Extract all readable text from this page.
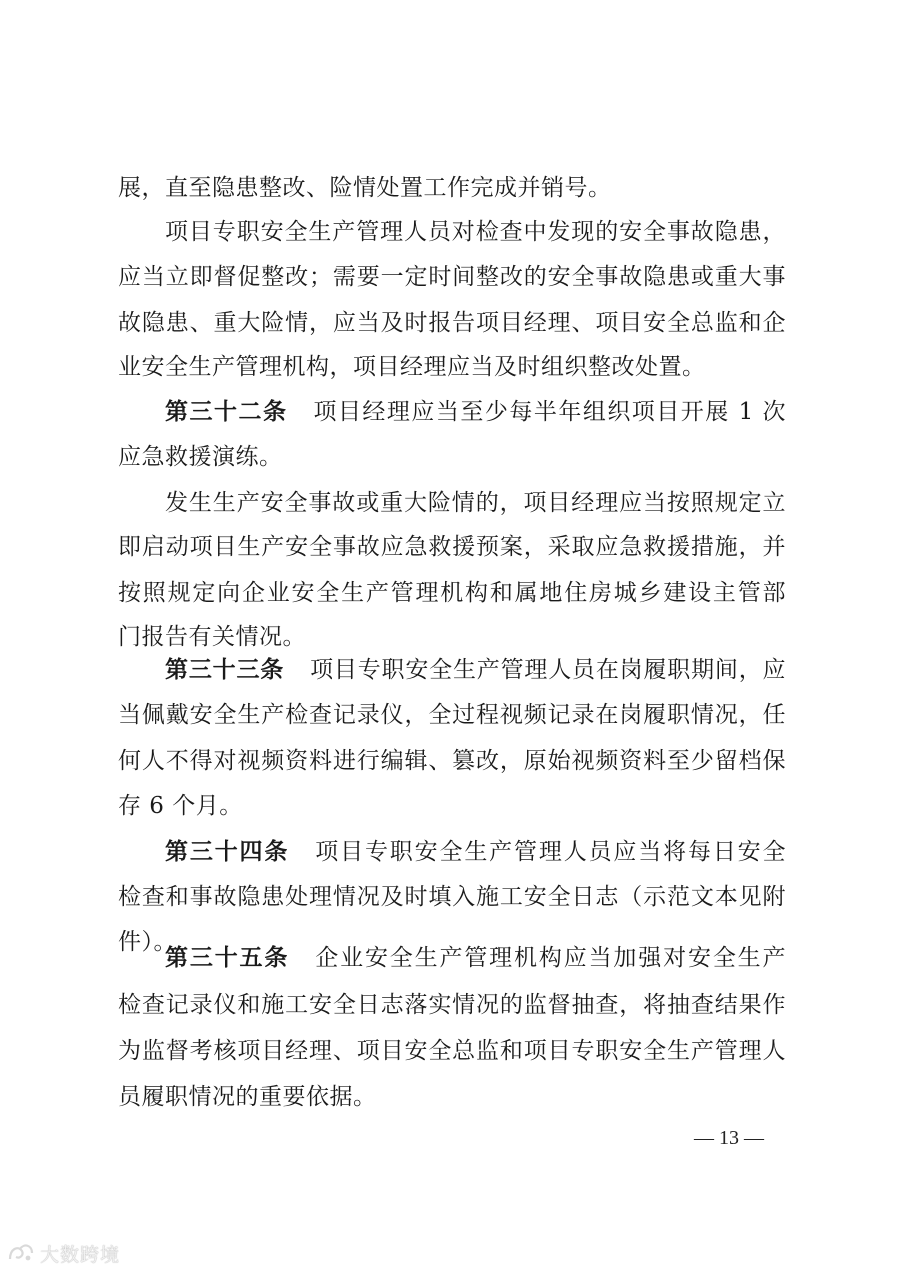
展，直至隐患整改、险情处置工作完成并销号。
项目专职安全生产管理人员对检查中发现的安全事故隐患，
应当立即督促整改；需要一定时间整改的安全事故隐患或重大事
故隐患、重大险情，应当及时报告项目经理、项目安全总监和企
业安全生产管理机构，项目经理应当及时组织整改处置。
第三十二条 项目经理应当至少每半年组织项目开展 1 次
应急救援演练。
发生生产安全事故或重大险情的，项目经理应当按照规定立
即启动项目生产安全事故应急救援预案，采取应急救援措施，并
按照规定向企业安全生产管理机构和属地住房城乡建设主管部
门报告有关情况。
第三十三条 项目专职安全生产管理人员在岗履职期间，应
当佩戴安全生产检查记录仪，全过程视频记录在岗履职情况，任
何人不得对视频资料进行编辑、篡改，原始视频资料至少留档保
存 6 个月。
第三十四条 项目专职安全生产管理人员应当将每日安全
检查和事故隐患处理情况及时填入施工安全日志（示范文本见附
件）。
第三十五条 企业安全生产管理机构应当加强对安全生产
检查记录仪和施工安全日志落实情况的监督抽查，将抽查结果作
为监督考核项目经理、项目安全总监和项目专职安全生产管理人
员履职情况的重要依据。
— 13 —
大数跨境
